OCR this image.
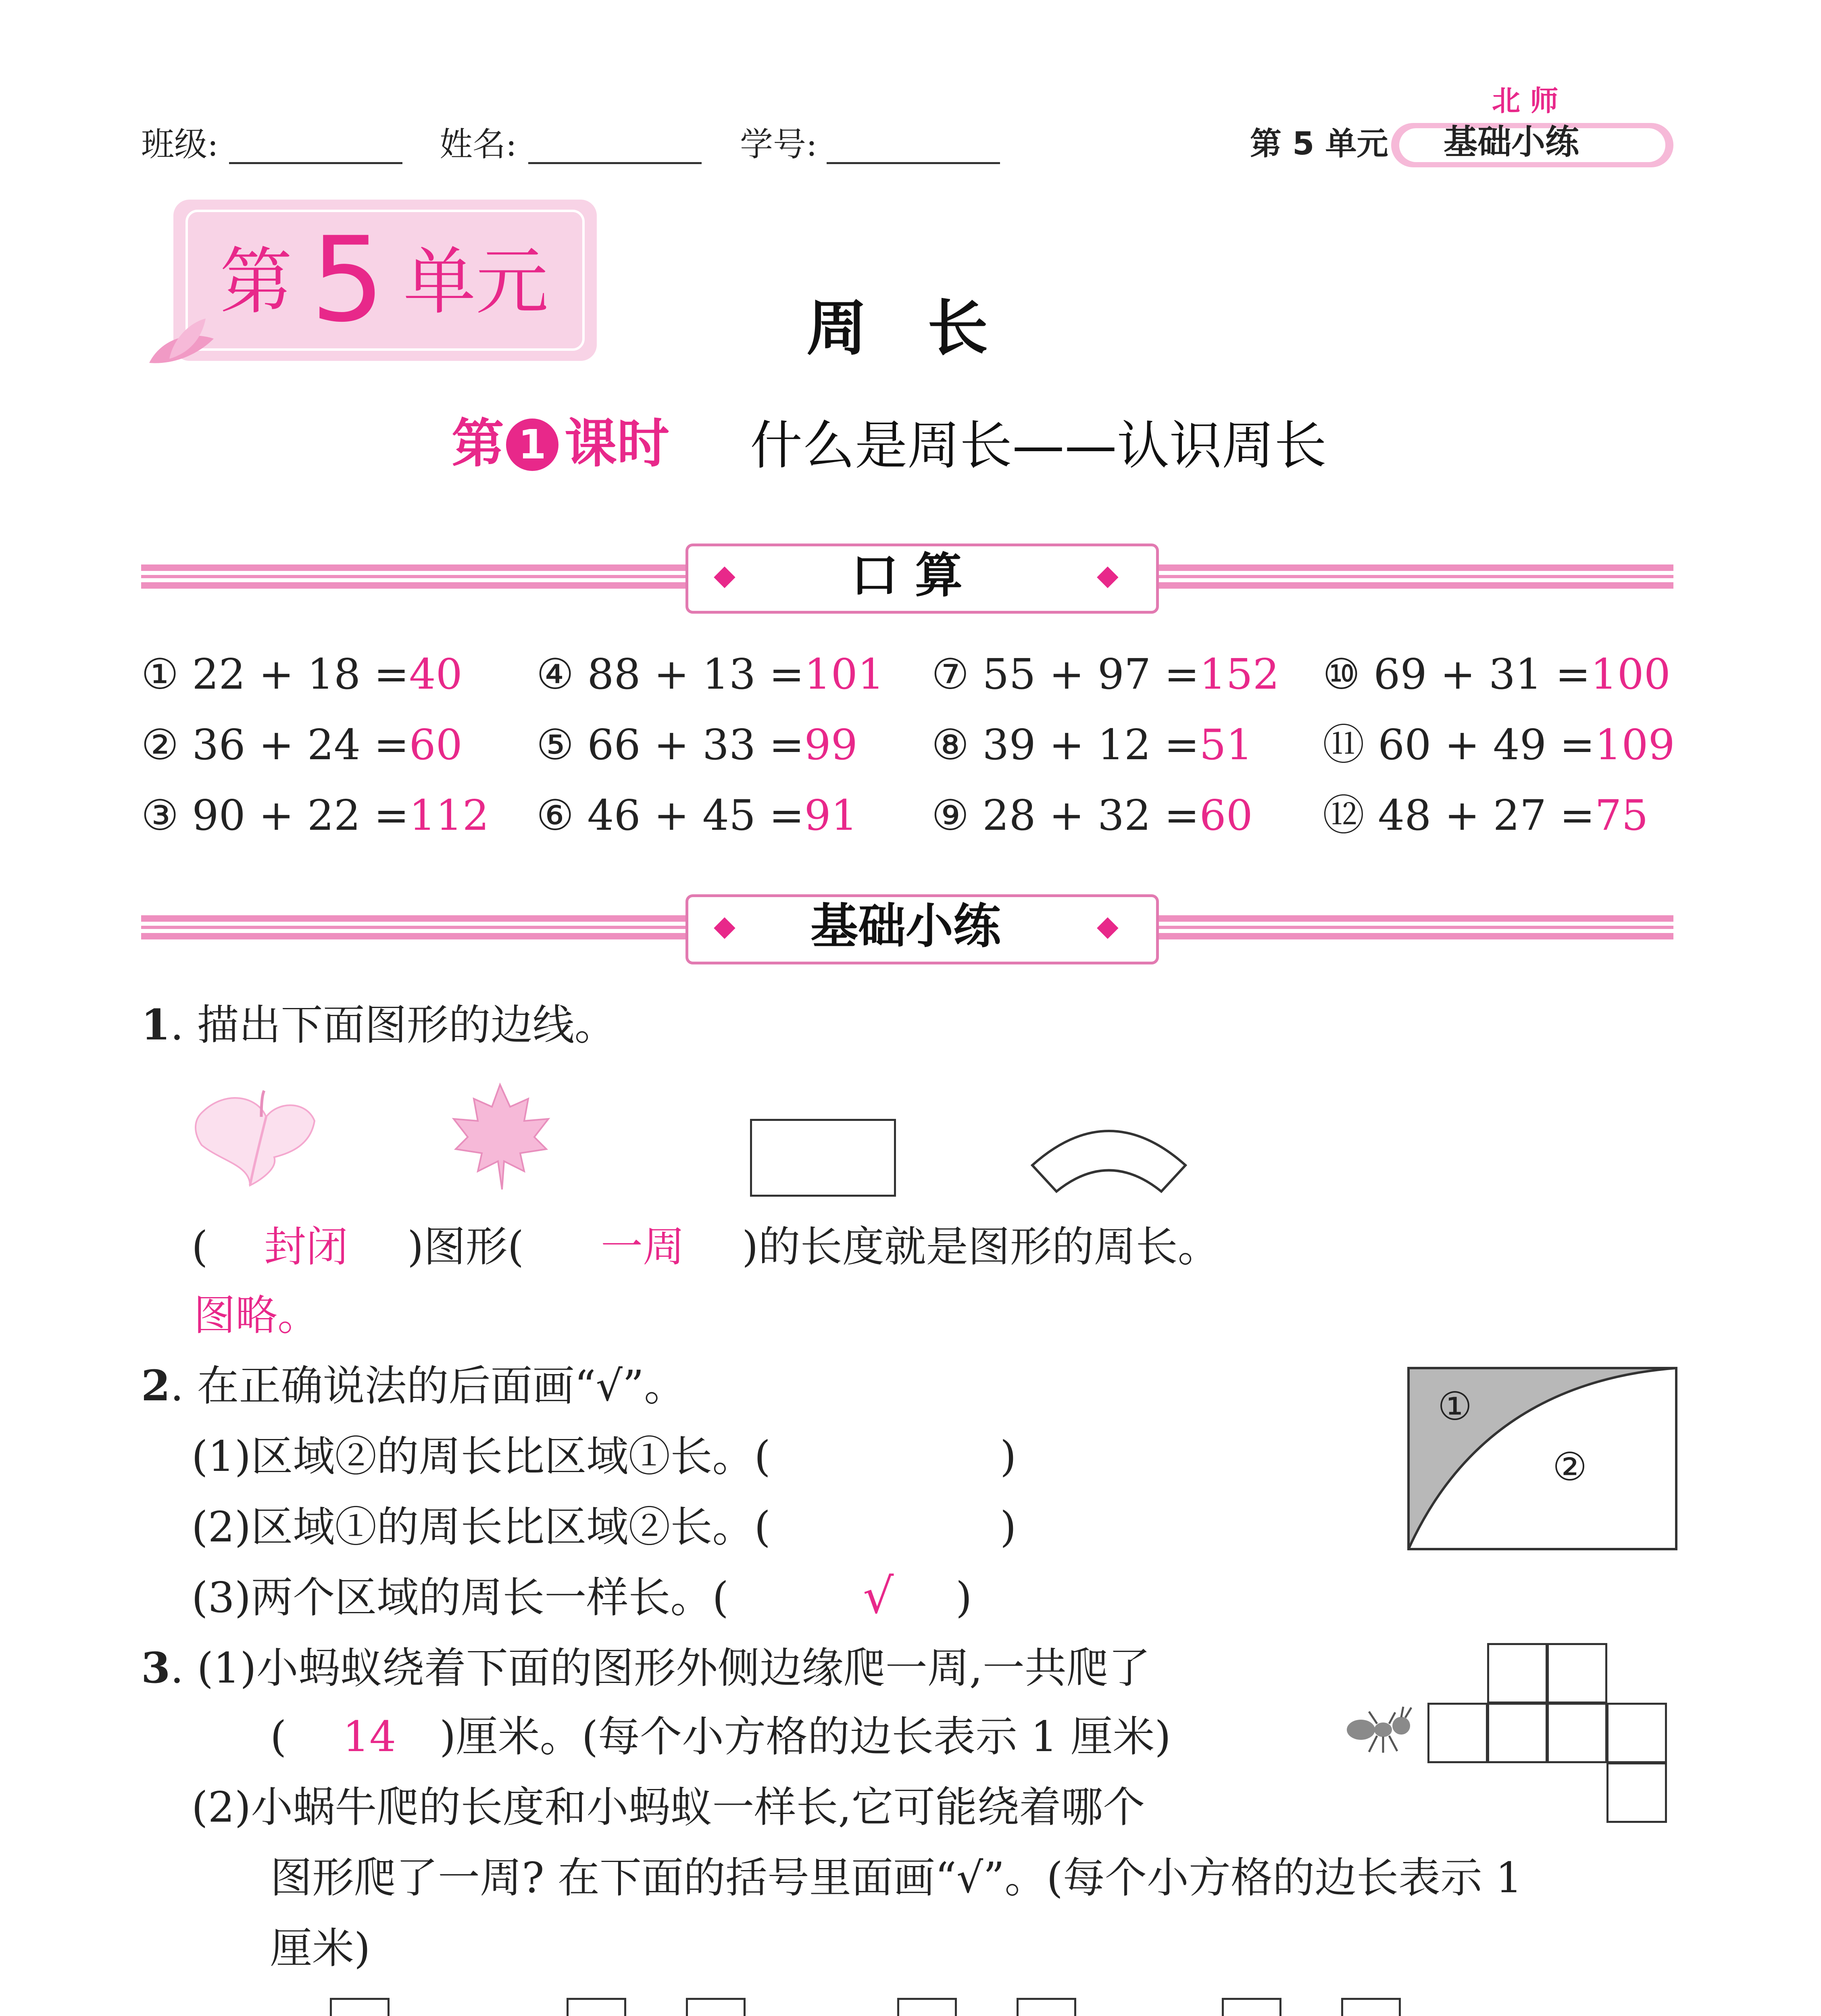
班级:	姓名:	学号:	第 5 单元
北 师
基础小练
第 5 单元
周　长
第 1 课时 什么是周长——认识周长
◆	◆
口 算
① 22 + 18 =40
② 36 + 24 =60
③ 90 + 22 =112
④ 88 + 13 =101
⑤ 66 + 33 =99
⑥ 46 + 45 =91
⑦ 55 + 97 =152
⑧ 39 + 12 =51
⑨ 28 + 32 =60
⑩ 69 + 31 =100
⑪ 60 + 49 =109
⑫ 48 + 27 =75
◆	◆
基础小练
1. 描出下面图形的边线。
( 封闭 )图形( 一周 )的长度就是图形的周长。
图略。
2. 在正确说法的后面画“√”。
(1)区域②的周长比区域①长。(	)
(2)区域①的周长比区域②长。(	)
(3)两个区域的周长一样长。(	√ )
①
②
3. (1)小蚂蚁绕着下面的图形外侧边缘爬一周,一共爬了
( 14 )厘米。(每个小方格的边长表示 1 厘米)
(2)小蜗牛爬的长度和小蚂蚁一样长,它可能绕着哪个
图形爬了一周? 在下面的括号里面画“√”。(每个小方格的边长表示 1
厘米)
